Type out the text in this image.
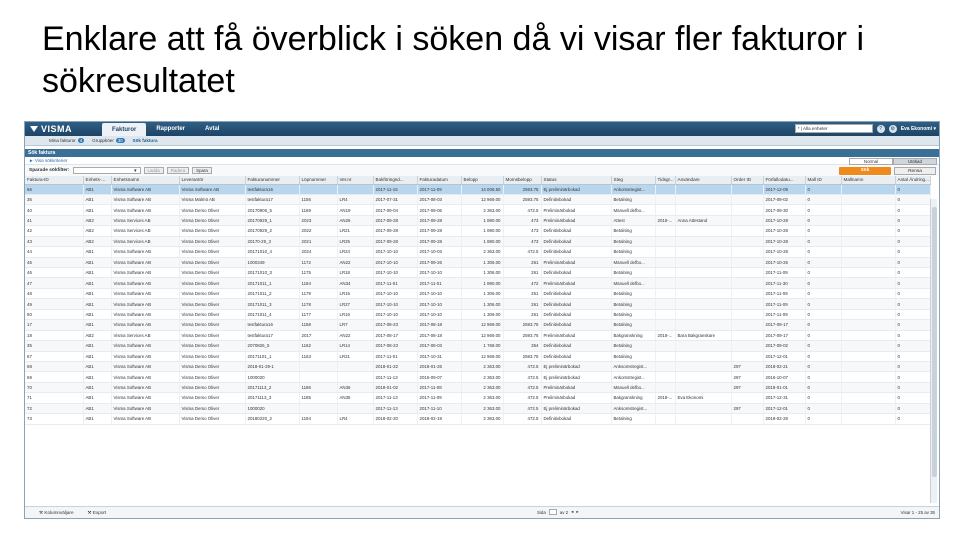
Enklare att få överblick i söken då vi visar fler fakturor i sökresultatet
VISMA	Fakturor	Rapporter	Avtal	* | Alla enheter	?	⚙	Eva Ekonomi ▾
Mina fakturor 4	Gruppköer 30	Sök faktura
Sök faktura
► Visa sökkriterier	Normal	Utökad
Sparade sökfilter:	▼	Ladda	Radera	Spara	Sök	Rensa
Faktura-ID	Enhets-...	Enhetsnamn	Leverantör	Fakturanummer	Löpnummer	Ver.nr	Bokföringsd...	Fakturadatum	Belopp	Momsbelopp	Status	Steg	Tidsgr...	Användare	Order ID	Förfallodatu...	Mall ID	Mallnamn	Antal Ändring...
66	AB1	Visma Software AB	Visma Software AB	testfaktura16			2017-11-15	2017-11-09	14 006.50	2593.75	Ej preliminärbokad	Ankomstregist...				2017-12-09	0		0
36	AB1	Visma Software AB	Visma Malmö AB	testfaktura17	1156	LR4	2017-07-31	2017-08-03	12 969.00	2593.75	Definitivbokad	Betalning				2017-09-02	0		0
40	AB1	Visma Software AB	Visma Demo Oliver	20170906_5	1169	AN19	2017-09-04	2017-09-06	2 363.00	472.5	Preliminärbokad	Manuell defbo...				2017-09-30	0		0
41	AB2	Visma Services AB	Visma Demo Oliver	20170929_1	2023	AN26	2017-09-28	2017-09-28	1 890.00	473	Preliminärbokad	Attest	2018-...	Anna Attestand		2017-10-28	0		0
42	AB2	Visma Services AB	Visma Demo Oliver	20170929_2	2022	LR21	2017-09-28	2017-09-28	1 890.00	473	Definitivbokad	Betalning				2017-10-28	0		0
43	AB2	Visma Services AB	Visma Demo Oliver	20170-29_3	2021	LR25	2017-09-28	2017-09-28	1 890.00	473	Definitivbokad	Betalning				2017-10-28	0		0
44	AB1	Visma Software AB	Visma Demo Oliver	20171010_4	2024	LR24	2017-10-10	2017-10-03	2 363.00	472.5	Definitivbokad	Betalning				2017-10-28	0		0
45	AB1	Visma Software AB	Visma Demo Oliver	1000349	1172	AN22	2017-10-10	2017-09-26	1 306.00	261	Preliminärbokad	Manuell defbo...				2017-10-26	0		0
46	AB1	Visma Software AB	Visma Demo Oliver	20171010_3	1175	LR18	2017-10-10	2017-10-10	1 306.00	261	Definitivbokad	Betalning				2017-11-09	0		0
47	AB1	Visma Software AB	Visma Demo Oliver	20171011_1	1184	AN34	2017-11-01	2017-11-01	1 890.00	472	Preliminärbokad	Manuell defbo...				2017-11-30	0		0
48	AB1	Visma Software AB	Visma Demo Oliver	20171011_2	1179	LR15	2017-10-10	2017-10-10	1 306.00	261	Definitivbokad	Betalning				2017-11-09	0		0
49	AB1	Visma Software AB	Visma Demo Oliver	20171011_3	1178	LR27	2017-10-10	2017-10-10	1 306.00	261	Definitivbokad	Betalning				2017-11-09	0		0
50	AB1	Visma Software AB	Visma Demo Oliver	20171011_4	1177	LR16	2017-10-10	2017-10-10	1 306.00	261	Definitivbokad	Betalning				2017-11-09	0		0
17	AB1	Visma Software AB	Visma Demo Oliver	testfaktura16	1158	LR7	2017-08-23	2017-08-18	12 969.00	2593.75	Definitivbokad	Betalning				2017-09-17	0		0
18	AB2	Visma Services AB	Visma Demo Oliver	testfaktura17	2017	AN22	2017-08-17	2017-08-18	12 969.00	2593.75	Preliminärbokad	Bakgranskning	2018-...	Bara Bakgranskare		2017-09-17	0		0
35	AB1	Visma Software AB	Visma Demo Oliver	2070826_5	1162	LR14	2017-08-23	2017-08-03	1 768.00	354	Definitivbokad	Betalning				2017-09-02	0		0
67	AB1	Visma Software AB	Visma Demo Oliver	20171101_1	1163	LR21	2017-11-01	2017-10-31	12 969.00	2593.75	Definitivbokad	Betalning				2017-12-01	0		0
68	AB1	Visma Software AB	Visma Demo Oliver	2018-01-29-1			2018-01-22	2018-01-26	2 363.00	472.5	Ej preliminärbokad	Anksomstregist...			297	2018-02-21	0		0
69	AB1	Visma Software AB	Visma Demo Oliver	1000020			2017-11-13	2016-09-07	2 363.00	472.5	Ej preliminärbokad	Ankomstregist...			297	2016-10-07	0		0
70	AB1	Visma Software AB	Visma Demo Oliver	20171113_2	1186	AN36	2018-01-02	2017-11-08	2 363.00	472.5	Preliminärbokad	Manuell defbo...			297	2018-01-01	0		0
71	AB1	Visma Software AB	Visma Demo Oliver	20171113_3	1185	AN35	2017-11-13	2017-11-09	2 363.00	472.5	Preliminärbokad	Bakgranskning	2018-...	Eva Ekonomi		2017-12-31	0		0
72	AB1	Visma Software AB	Visma Demo Oliver	1000020			2017-11-13	2017-11-10	2 363.00	472.5	Ej preliminärbokad	Anksomstregist...			297	2017-12-01	0		0
73	AB1	Visma Software AB	Visma Demo Oliver	20180220_2	1194	LR4	2018-02-20	2018-02-19	2 363.00	472.5	Definitivbokad	Betalning				2018-02-28	0		0
⚒ Kolumnväljare	⚒ Export	Sida	av 2 ◂ ▸	Visar 1 - 25 av 35
